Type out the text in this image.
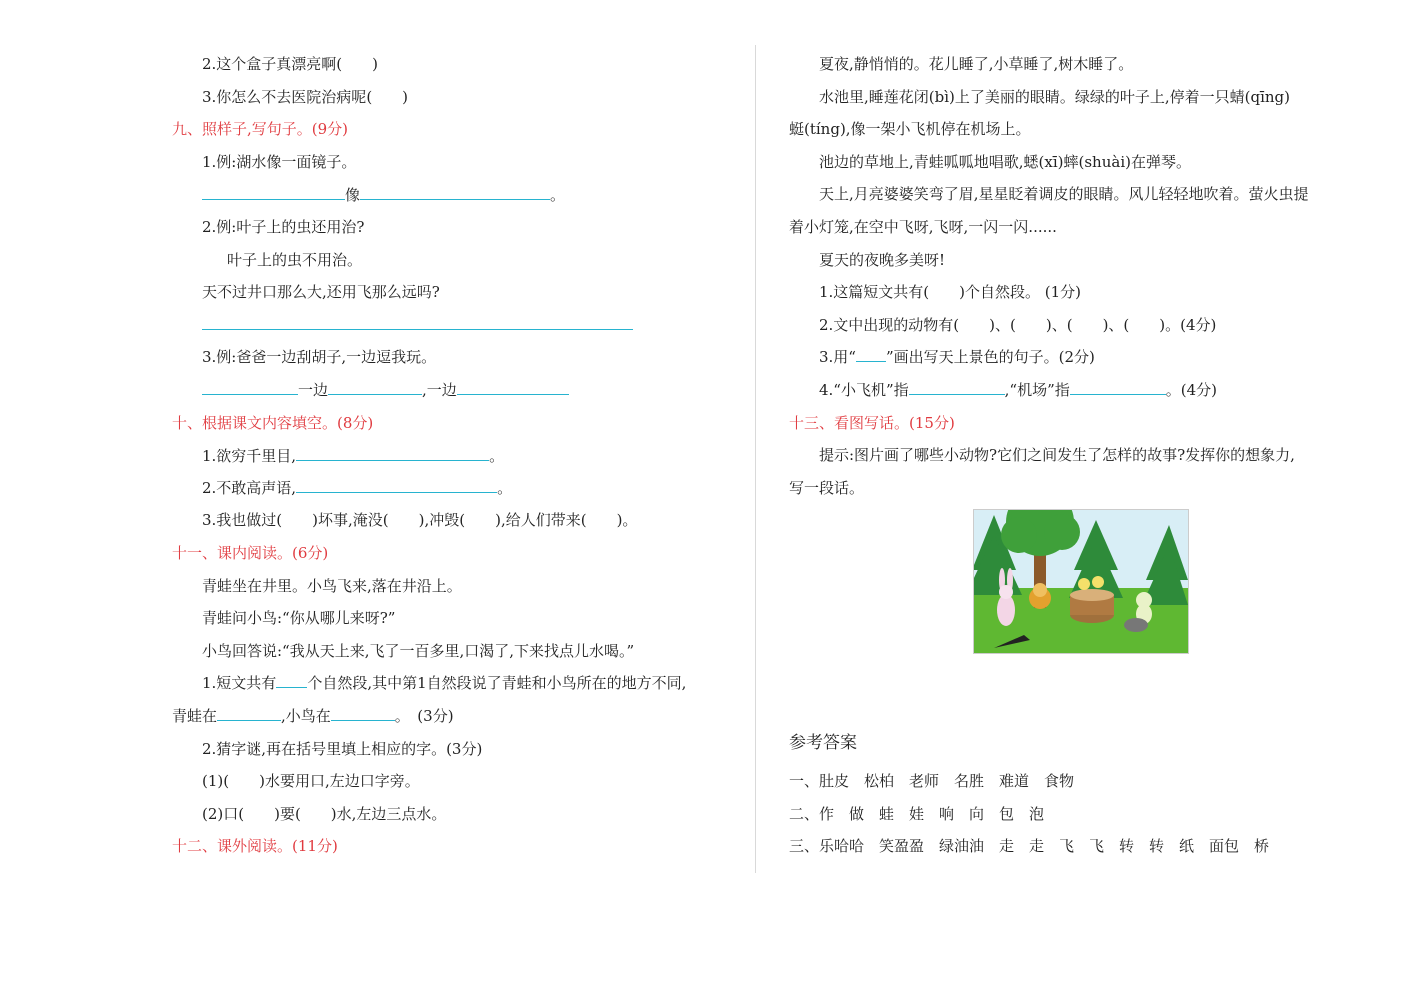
2.这个盒子真漂亮啊(　　)
3.你怎么不去医院治病呢(　　)
九、照样子,写句子。(9分)
1.例:湖水像一面镜子。
像	。
2.例:叶子上的虫还用治?
叶子上的虫不用治。
天不过井口那么大,还用飞那么远吗?
3.例:爸爸一边刮胡子,一边逗我玩。
一边	,一边
十、根据课文内容填空。(8分)
1.欲穷千里目,	。
2.不敢高声语,	。
3.我也做过(　　)坏事,淹没(　　),冲毁(　　),给人们带来(　　)。
十一、课内阅读。(6分)
青蛙坐在井里。小鸟飞来,落在井沿上。
青蛙问小鸟:“你从哪儿来呀?”
小鸟回答说:“我从天上来,飞了一百多里,口渴了,下来找点儿水喝。”
1.短文共有 个自然段,其中第1自然段说了青蛙和小鸟所在的地方不同,
青蛙在	,小鸟在	。　(3分)
2.猜字谜,再在括号里填上相应的字。(3分)
(1)(　　)水要用口,左边口字旁。
(2)口(　　)要(　　)水,左边三点水。
十二、课外阅读。(11分)
夏夜,静悄悄的。花儿睡了,小草睡了,树木睡了。
水池里,睡莲花闭(bì)上了美丽的眼睛。绿绿的叶子上,停着一只蜻(qīng)
蜓(tíng),像一架小飞机停在机场上。
池边的草地上,青蛙呱呱地唱歌,蟋(xī)蟀(shuài)在弹琴。
天上,月亮婆婆笑弯了眉,星星眨着调皮的眼睛。风儿轻轻地吹着。萤火虫提
着小灯笼,在空中飞呀,飞呀,一闪一闪......
夏天的夜晚多美呀!
1.这篇短文共有(　　)个自然段。 (1分)
2.文中出现的动物有(　　)、(　　)、(　　)、(　　)。(4分)
3.用“ ”画出写天上景色的句子。(2分)
4.“小飞机”指	,“机场”指	。(4分)
十三、看图写话。(15分)
提示:图片画了哪些小动物?它们之间发生了怎样的故事?发挥你的想象力,
写一段话。
参考答案
一、肚皮　松柏　老师　名胜　难道　食物
二、作　做　蛙　娃　响　向　包　泡
三、乐哈哈　笑盈盈　绿油油　走　走　飞　飞　转　转　纸　面包　桥
